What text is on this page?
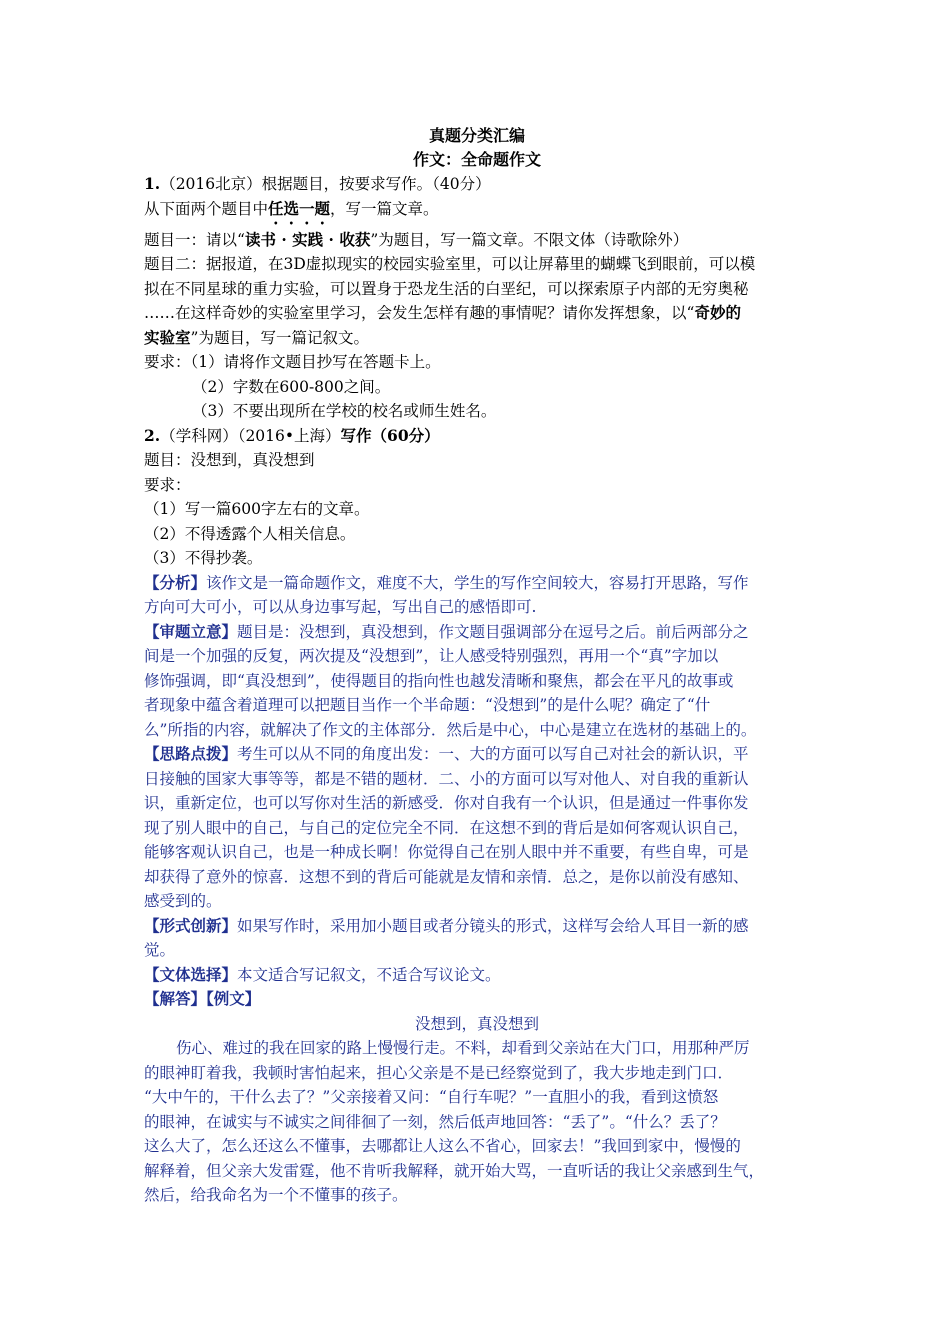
真题分类汇编
作文：全命题作文
1.（2016北京）根据题目，按要求写作。（40分）
从下面两个题目中任选一题，写一篇文章。
题目一：请以“读书 · 实践 · 收获”为题目，写一篇文章。不限文体（诗歌除外）
题目二：据报道，在3D虚拟现实的校园实验室里，可以让屏幕里的蝴蝶飞到眼前，可以模
拟在不同星球的重力实验，可以置身于恐龙生活的白垩纪，可以探索原子内部的无穷奥秘
……在这样奇妙的实验室里学习，会发生怎样有趣的事情呢？请你发挥想象，以“奇妙的
实验室”为题目，写一篇记叙文。
要求：（1）请将作文题目抄写在答题卡上。
（2）字数在600-800之间。
（3）不要出现所在学校的校名或师生姓名。
2.（学科网）（2016•上海）写作（60分）
题目：没想到，真没想到
要求：
（1）写一篇600字左右的文章。
（2）不得透露个人相关信息。
（3）不得抄袭。
【分析】该作文是一篇命题作文，难度不大，学生的写作空间较大，容易打开思路，写作
方向可大可小，可以从身边事写起，写出自己的感悟即可.
【审题立意】题目是：没想到，真没想到，作文题目强调部分在逗号之后。前后两部分之
间是一个加强的反复，两次提及“没想到”，让人感受特别强烈，再用一个“真”字加以
修饰强调，即“真没想到”，使得题目的指向性也越发清晰和聚焦，都会在平凡的故事或
者现象中蕴含着道理可以把题目当作一个半命题：“没想到”的是什么呢？确定了“什
么”所指的内容，就解决了作文的主体部分．然后是中心，中心是建立在选材的基础上的。
【思路点拨】考生可以从不同的角度出发：一、大的方面可以写自己对社会的新认识，平
日接触的国家大事等等，都是不错的题材．二、小的方面可以写对他人、对自我的重新认
识，重新定位，也可以写你对生活的新感受．你对自我有一个认识，但是通过一件事你发
现了别人眼中的自己，与自己的定位完全不同．在这想不到的背后是如何客观认识自己，
能够客观认识自己，也是一种成长啊！你觉得自己在别人眼中并不重要，有些自卑，可是
却获得了意外的惊喜．这想不到的背后可能就是友情和亲情．总之，是你以前没有感知、
感受到的。
【形式创新】如果写作时，采用加小题目或者分镜头的形式，这样写会给人耳目一新的感
觉。
【文体选择】本文适合写记叙文，不适合写议论文。
【解答】【例文】
没想到，真没想到
伤心、难过的我在回家的路上慢慢行走。不料，却看到父亲站在大门口，用那种严厉
的眼神盯着我，我顿时害怕起来，担心父亲是不是已经察觉到了，我大步地走到门口．
“大中午的，干什么去了？”父亲接着又问：“自行车呢？”一直胆小的我，看到这愤怒
的眼神，在诚实与不诚实之间徘徊了一刻，然后低声地回答：“丢了”。“什么？丢了？
这么大了，怎么还这么不懂事，去哪都让人这么不省心，回家去！”我回到家中，慢慢的
解释着，但父亲大发雷霆，他不肯听我解释，就开始大骂，一直听话的我让父亲感到生气，
然后，给我命名为一个不懂事的孩子。
